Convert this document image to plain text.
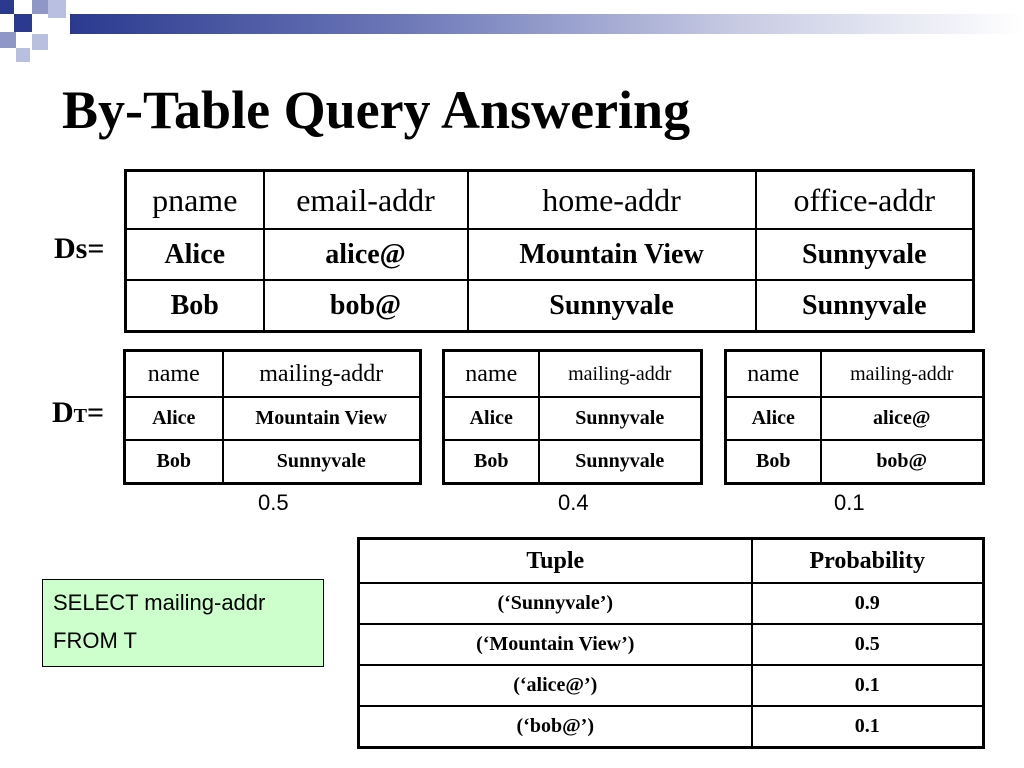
By-Table Query Answering
Ds=
pname	email-addr	home-addr	office-addr
Alice	alice@	Mountain View	Sunnyvale
Bob	bob@	Sunnyvale	Sunnyvale
DT=
name	mailing-addr
Alice	Mountain View
Bob	Sunnyvale
0.5
name	mailing-addr
Alice	Sunnyvale
Bob	Sunnyvale
0.4
name	mailing-addr
Alice	alice@
Bob	bob@
0.1
SELECT mailing-addr
FROM T
Tuple	Probability
(‘Sunnyvale’)	0.9
(‘Mountain View’)	0.5
(‘alice@’)	0.1
(‘bob@’)	0.1
